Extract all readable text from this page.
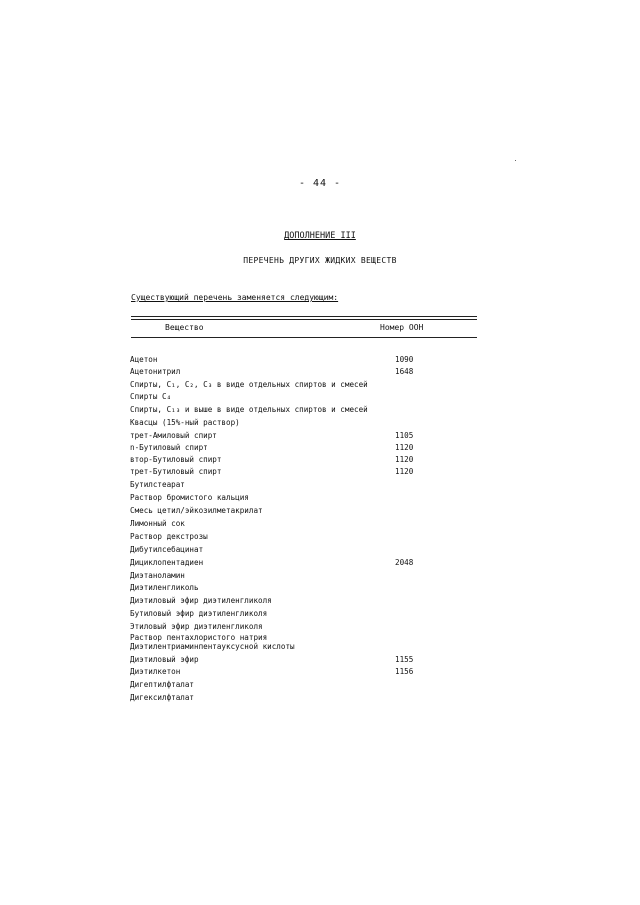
- 44 -
ДОПОЛНЕНИЕ III
ПЕРЕЧЕНЬ ДРУГИХ ЖИДКИХ ВЕЩЕСТВ
Существующий перечень заменяется следующим:
Вещество	Номер ООН
Ацетон	1090
Ацетонитрил	1648
Спирты, C₁, C₂, C₃ в виде отдельных спиртов и смесей
Спирты C₄
Спирты, C₁₃ и выше в виде отдельных спиртов и смесей
Квасцы (15%-ный раствор)
трет-Амиловый спирт	1105
n-Бутиловый спирт	1120
втор-Бутиловый спирт	1120
трет-Бутиловый спирт	1120
Бутилстеарат
Раствор бромистого кальция
Смесь цетил/эйкозилметакрилат
Лимонный сок
Раствор декстрозы
Дибутилсебацинат
Дициклопентадиен	2048
Диэтаноламин
Диэтиленгликоль
Диэтиловый эфир диэтиленгликоля
Бутиловый эфир диэтиленгликоля
Этиловый эфир диэтиленгликоля
Раствор пентахлористого натрия
Диэтилентриаминпентауксусной кислоты
Диэтиловый эфир	1155
Диэтилкетон	1156
Дигептилфталат
Дигексилфталат
